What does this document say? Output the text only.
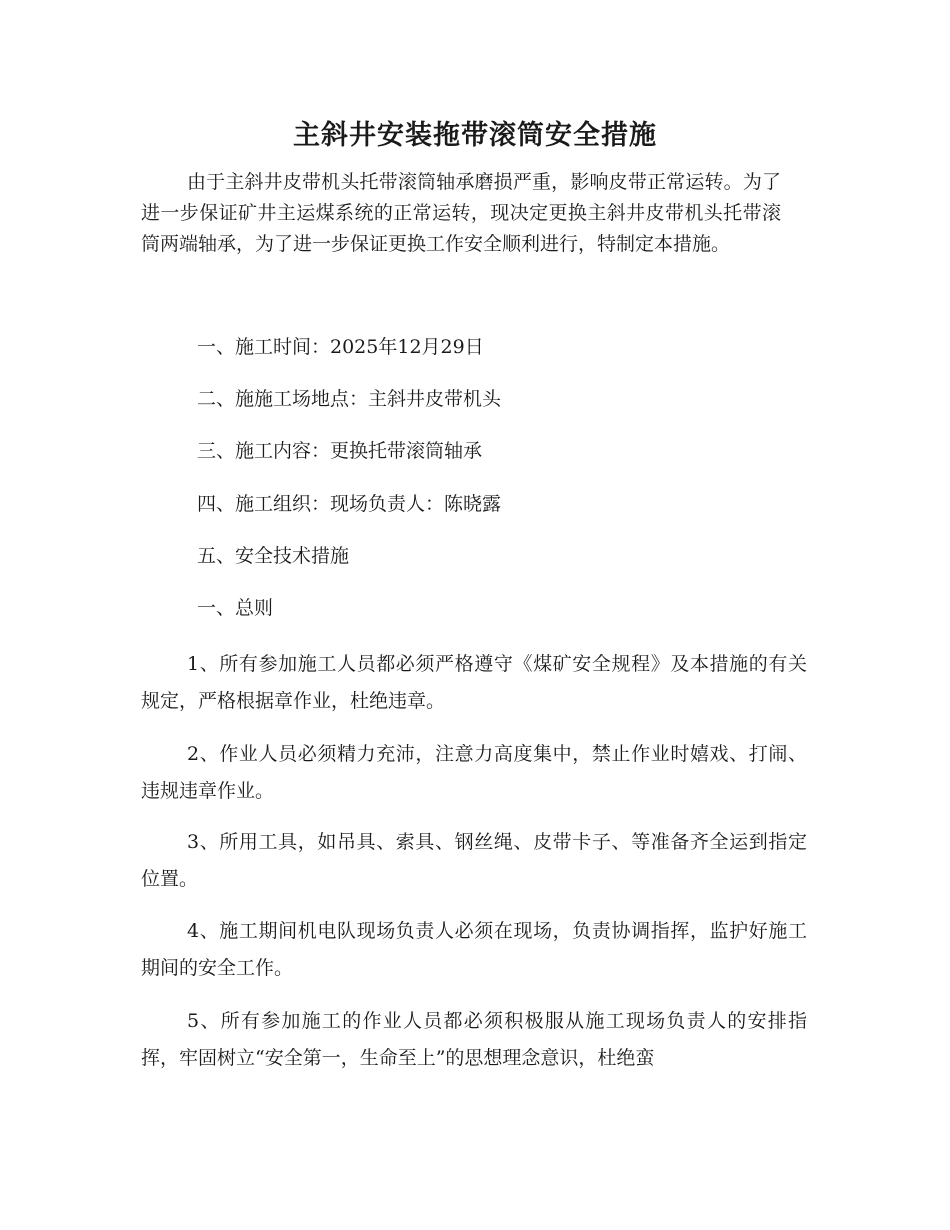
主斜井安装拖带滚筒安全措施

由于主斜井皮带机头托带滚筒轴承磨损严重，影响皮带正常运转。为了进一步保证矿井主运煤系统的正常运转，现决定更换主斜井皮带机头托带滚筒两端轴承，为了进一步保证更换工作安全顺利进行，特制定本措施。

一、施工时间：2025年12月29日

二、施施工场地点：主斜井皮带机头

三、施工内容：更换托带滚筒轴承

四、施工组织：现场负责人：陈晓露

五、安全技术措施

一、总则

1、所有参加施工人员都必须严格遵守《煤矿安全规程》及本措施的有关规定，严格根据章作业，杜绝违章。

2、作业人员必须精力充沛，注意力高度集中，禁止作业时嬉戏、打闹、违规违章作业。

3、所用工具，如吊具、索具、钢丝绳、皮带卡子、等准备齐全运到指定位置。

4、施工期间机电队现场负责人必须在现场，负责协调指挥，监护好施工期间的安全工作。

5、所有参加施工的作业人员都必须积极服从施工现场负责人的安排指挥，牢固树立“安全第一，生命至上”的思想理念意识，杜绝蛮
